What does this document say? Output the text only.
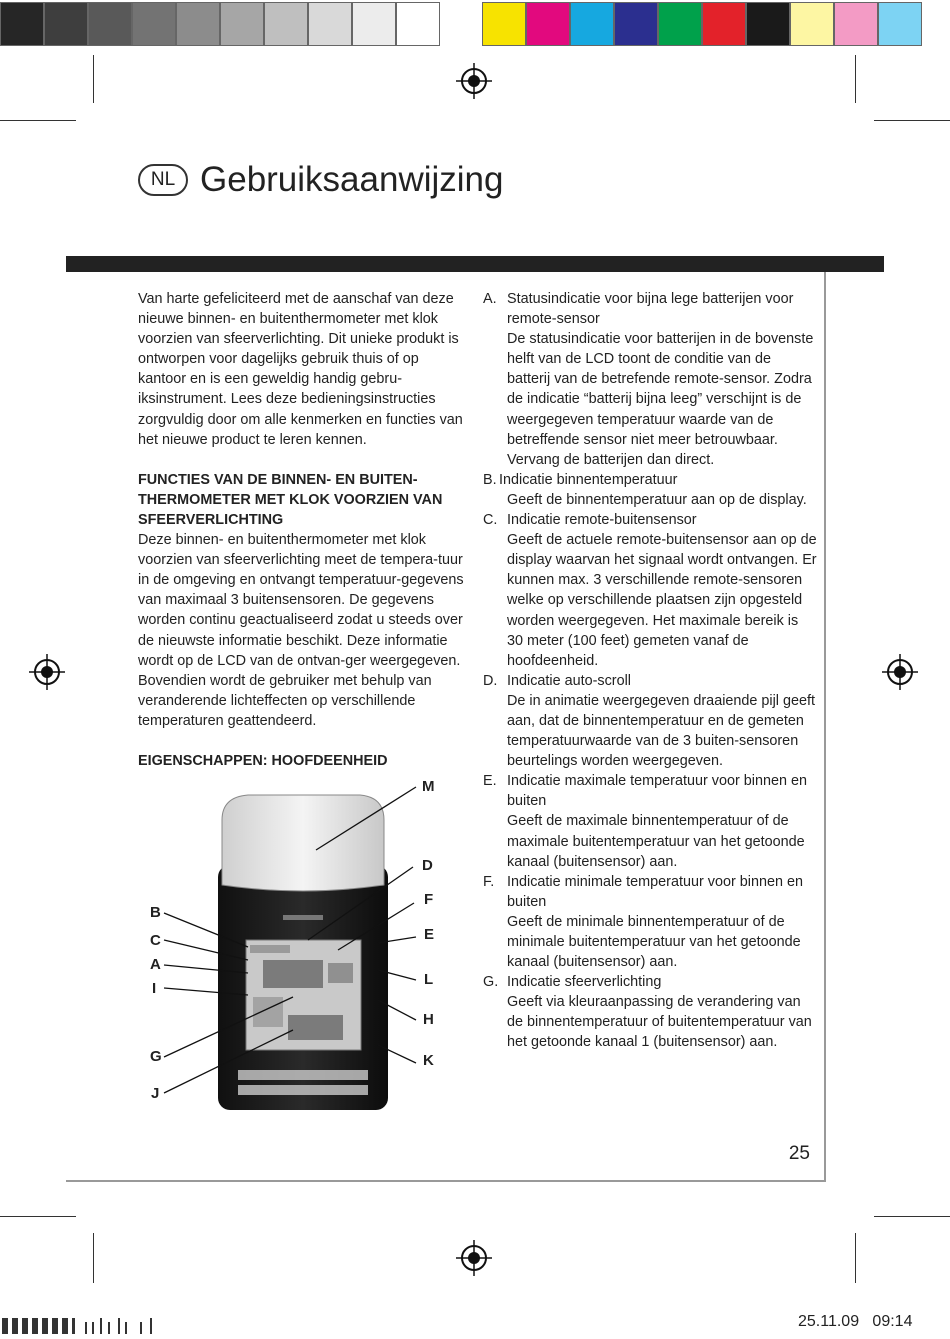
NL Gebruiksaanwijzing

Van harte gefeliciteerd met de aanschaf van deze nieuwe binnen- en buitenthermometer met klok voorzien van sfeerverlichting. Dit unieke produkt is ontworpen voor dagelijks gebruik thuis of op kantoor en is een geweldig handig gebru-iksinstrument. Lees deze bedieningsinstructies zorgvuldig door om alle kenmerken en functies van het nieuwe product te leren kennen.

FUNCTIES VAN DE BINNEN- EN BUITEN-THERMOMETER MET KLOK VOORZIEN VAN SFEERVERLICHTING

Deze binnen- en buitenthermometer met klok voorzien van sfeerverlichting meet de tempera-tuur in de omgeving en ontvangt temperatuur-gegevens van maximaal 3 buitensensoren. De gegevens worden continu geactualiseerd zodat u steeds over de nieuwste informatie beschikt. Deze informatie wordt op de LCD van de ontvan-ger weergegeven. Bovendien wordt de gebruiker met behulp van veranderende lichteffecten op verschillende temperaturen geattendeerd.

EIGENSCHAPPEN: HOOFDEENHEID
M
D
F
E
L
H
K
B
C
A
I
G
J
A. Statusindicatie voor bijna lege batterijen voor remote-sensor
De statusindicatie voor batterijen in de bovenste helft van de LCD toont de conditie van de batterij van de betrefende remote-sensor. Zodra de indicatie “batterij bijna leeg” verschijnt is de weergegeven temperatuur waarde van de betreffende sensor niet meer betrouwbaar. Vervang de batterijen dan direct.
B. Indicatie binnentemperatuur
Geeft de binnentemperatuur aan op de display.
C. Indicatie remote-buitensensor
Geeft de actuele remote-buitensensor aan op de display waarvan het signaal wordt ontvangen. Er kunnen max. 3 verschillende remote-sensoren welke op verschillende plaatsen zijn opgesteld worden weergegeven. Het maximale bereik is 30 meter (100 feet) gemeten vanaf de hoofdeenheid.
D. Indicatie auto-scroll
De in animatie weergegeven draaiende pijl geeft aan, dat de binnentemperatuur en de gemeten temperatuurwaarde van de 3 buiten-sensoren beurtelings worden weergegeven.
E. Indicatie maximale temperatuur voor binnen en buiten
Geeft de maximale binnentemperatuur of de maximale buitentemperatuur van het getoonde kanaal (buitensensor) aan.
F. Indicatie minimale temperatuur voor binnen en buiten
Geeft de minimale binnentemperatuur of de minimale buitentemperatuur van het getoonde kanaal (buitensensor) aan.
G. Indicatie sfeerverlichting
Geeft via kleuraanpassing de verandering van de binnentemperatuur of buitentemperatuur van het getoonde kanaal 1 (buitensensor) aan.
25
25.11.09   09:14
